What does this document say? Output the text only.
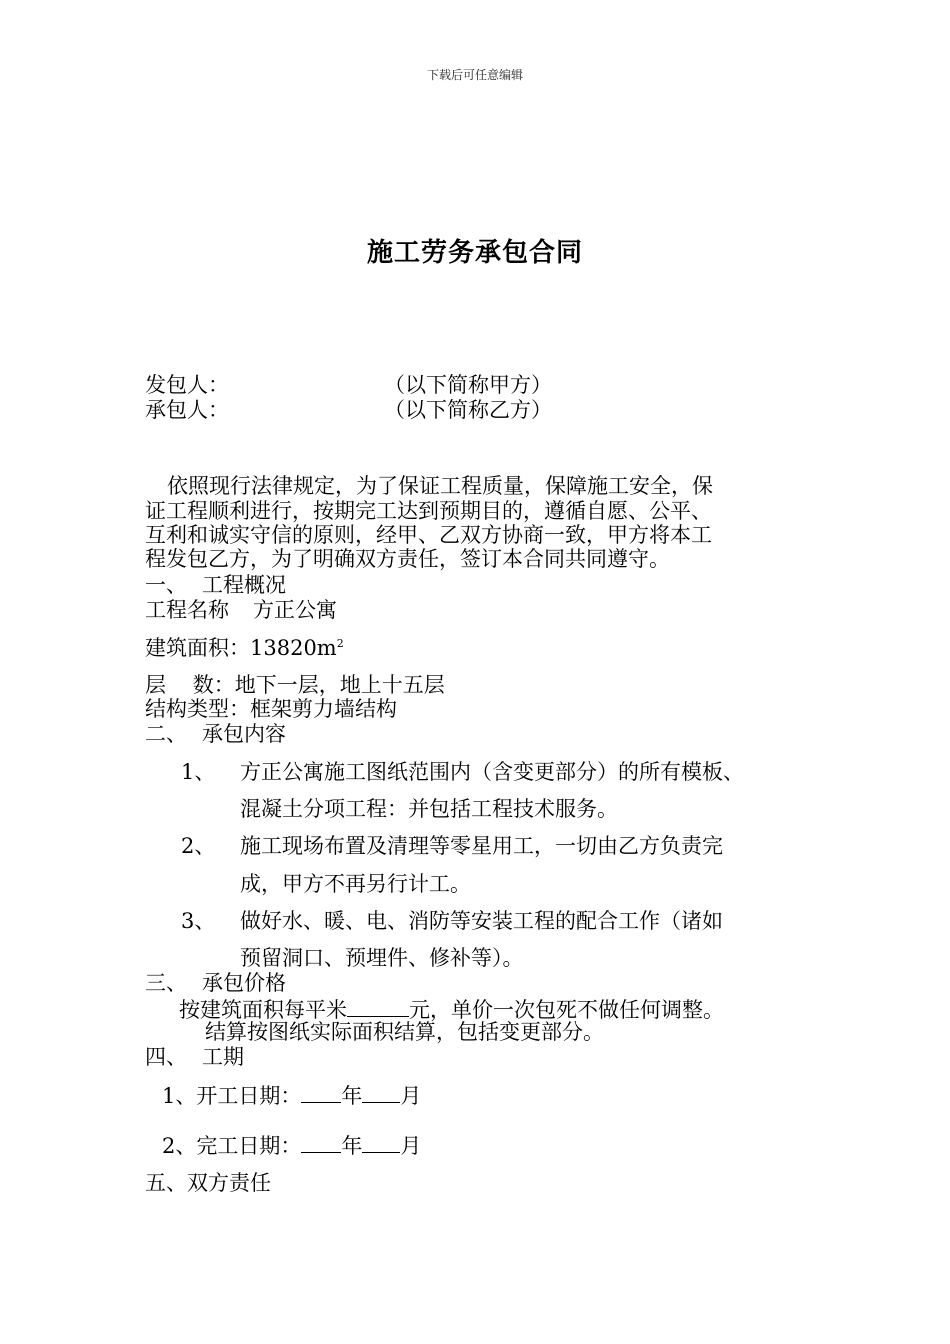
下载后可任意编辑
施工劳务承包合同
发包人：	（以下简称甲方）
承包人：	（以下简称乙方）
依照现行法律规定，为了保证工程质量，保障施工安全，保
证工程顺利进行，按期完工达到预期目的，遵循自愿、公平、
互利和诚实守信的原则，经甲、乙双方协商一致，甲方将本工
程发包乙方，为了明确双方责任，签订本合同共同遵守。
一、 工程概况
工程名称 方正公寓
建筑面积：$13820m^2$
层    数：地下一层，地上十五层
结构类型：框架剪力墙结构
二、 承包内容
1、 方正公寓施工图纸范围内（含变更部分）的所有模板、
混凝土分项工程：并包括工程技术服务。
2、 施工现场布置及清理等零星用工，一切由乙方负责完
成，甲方不再另行计工。
3、 做好水、暖、电、消防等安装工程的配合工作（诸如
预留洞口、预埋件、修补等）。
三、 承包价格
按建筑面积每平米	元，单价一次包死不做任何调整。
结算按图纸实际面积结算，包括变更部分。
四、 工期
1、开工日期： 年 月
2、完工日期： 年 月
五、双方责任
